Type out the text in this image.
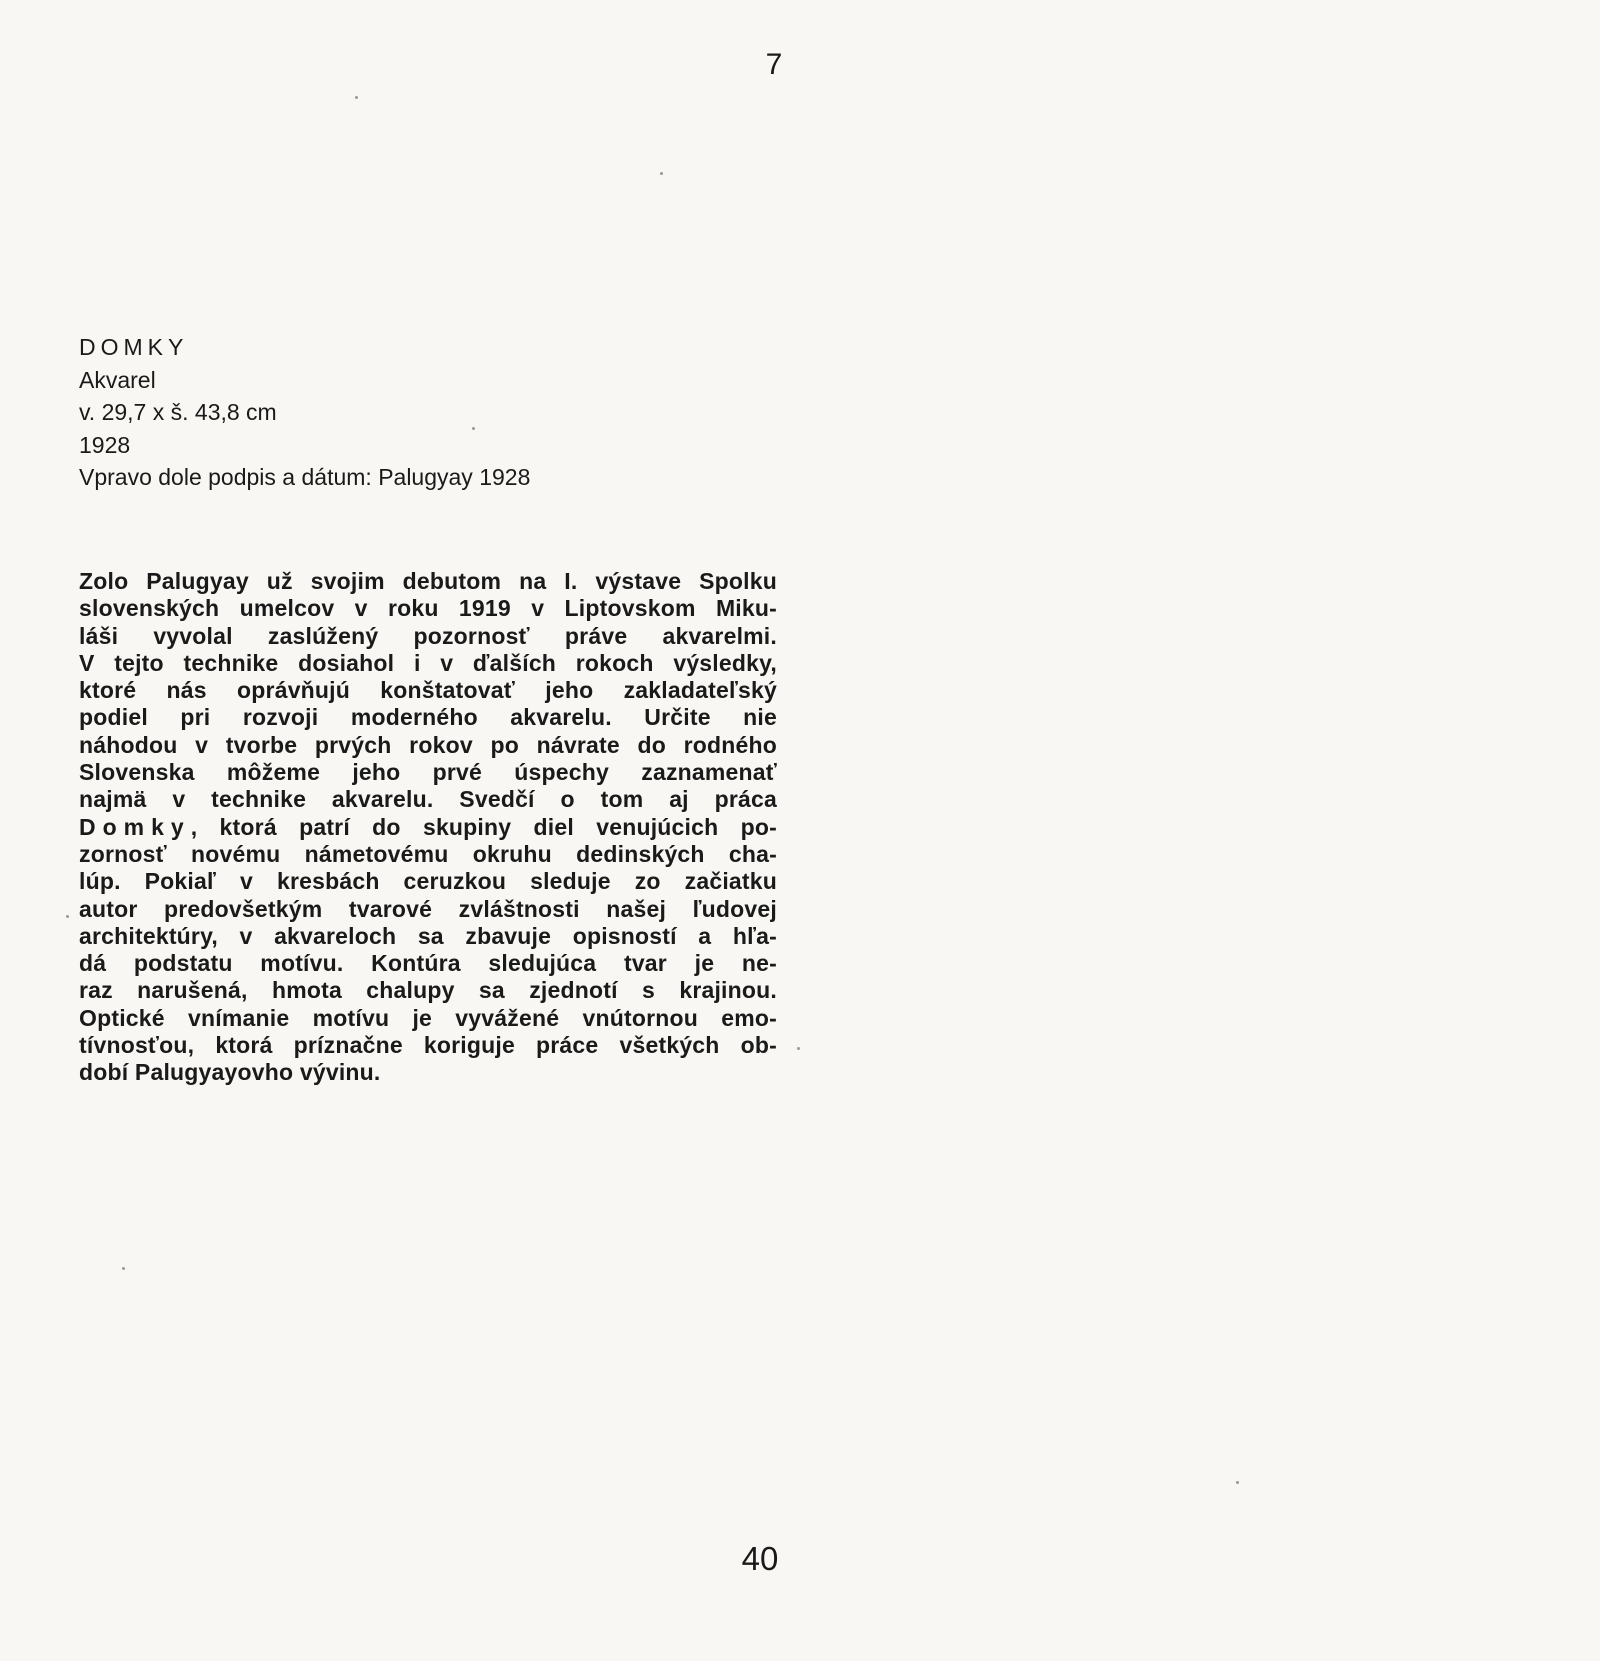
7
DOMKY
Akvarel
v. 29,7 x š. 43,8 cm
1928
Vpravo dole podpis a dátum: Palugyay 1928
Zolo Palugyay už svojim debutom na I. výstave Spolku
slovenských umelcov v roku 1919 v Liptovskom Miku-
láši vyvolal zaslúžený pozornosť práve akvarelmi.
V tejto technike dosiahol i v ďalších rokoch výsledky,
ktoré nás oprávňujú konštatovať jeho zakladateľský
podiel pri rozvoji moderného akvarelu. Určite nie
náhodou v tvorbe prvých rokov po návrate do rodného
Slovenska môžeme jeho prvé úspechy zaznamenať
najmä v technike akvarelu. Svedčí o tom aj práca
Domky, ktorá patrí do skupiny diel venujúcich po-
zornosť novému námetovému okruhu dedinských cha-
lúp. Pokiaľ v kresbách ceruzkou sleduje zo začiatku
autor predovšetkým tvarové zvláštnosti našej ľudovej
architektúry, v akvareloch sa zbavuje opisností a hľa-
dá podstatu motívu. Kontúra sledujúca tvar je ne-
raz narušená, hmota chalupy sa zjednotí s krajinou.
Optické vnímanie motívu je vyvážené vnútornou emo-
tívnosťou, ktorá príznačne koriguje práce všetkých ob-
dobí Palugyayovho vývinu.
40
